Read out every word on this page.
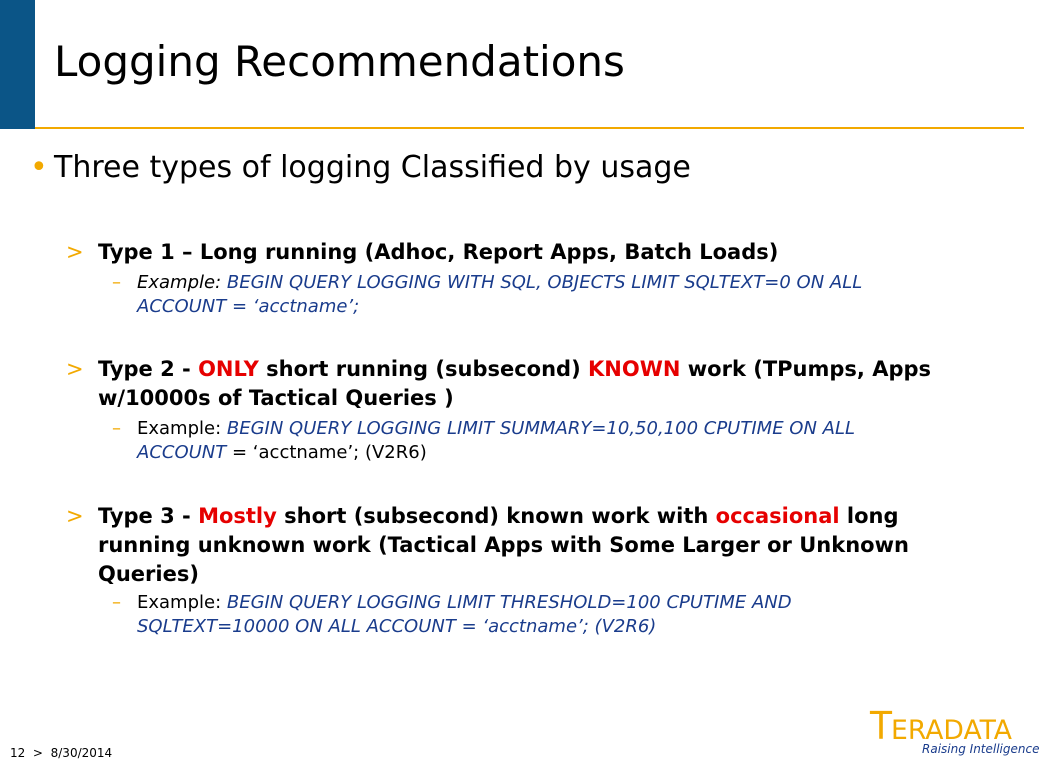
Logging Recommendations
• Three types of logging Classified by usage
> Type 1 – Long running (Adhoc, Report Apps, Batch Loads)
– Example: BEGIN QUERY LOGGING WITH SQL, OBJECTS LIMIT SQLTEXT=0 ON ALL ACCOUNT = ‘acctname’;
> Type 2 - ONLY short running (subsecond) KNOWN work (TPumps, Apps w/10000s of Tactical Queries )
– Example: BEGIN QUERY LOGGING LIMIT SUMMARY=10,50,100 CPUTIME ON ALL ACCOUNT = ‘acctname’; (V2R6)
> Type 3 - Mostly short (subsecond) known work with occasional long running unknown work (Tactical Apps with Some Larger or Unknown Queries)
– Example: BEGIN QUERY LOGGING LIMIT THRESHOLD=100 CPUTIME AND SQLTEXT=10000 ON ALL ACCOUNT = ‘acctname’; (V2R6)
12 > 8/30/2014
T
ERADATA
Raising Intelligence
